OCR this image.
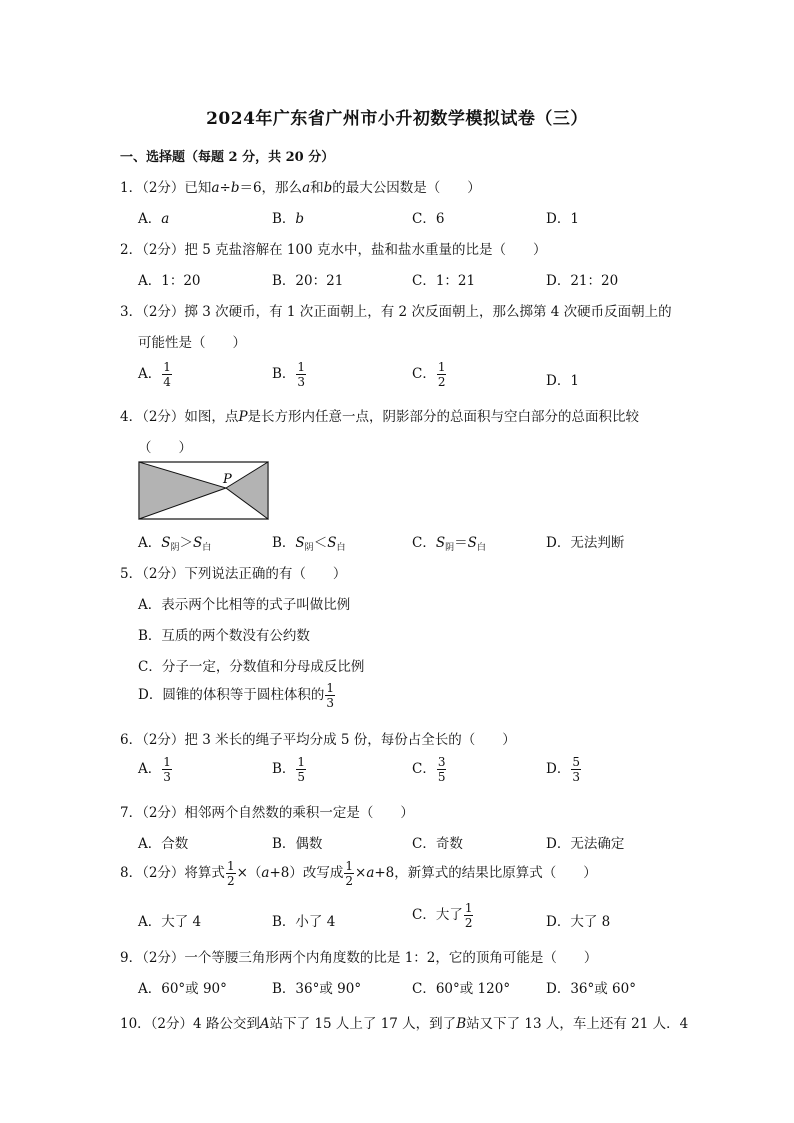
2024年广东省广州市小升初数学模拟试卷（三）
一、选择题（每题 2 分，共 20 分）
1．（2分）已知a÷b＝6，那么a和b的最大公因数是（　　）
A．a	B．b	C．6	D．1
2．（2分）把 5 克盐溶解在 100 克水中，盐和盐水重量的比是（　　）
A．1：20	B．20：21	C．1：21	D．21：20
3．（2分）掷 3 次硬币，有 1 次正面朝上，有 2 次反面朝上，那么掷第 4 次硬币反面朝上的
可能性是（　　）
A． $\frac{1}{4}$	B． $\frac{1}{3}$	C． $\frac{1}{2}$	D．1
4．（2分）如图，点P是长方形内任意一点，阴影部分的总面积与空白部分的总面积比较
（　　）
P
A．$S_阴>S_白$	B．$S_阴<S_白$	C．$S_阴=S_白$	D．无法判断
5．（2分）下列说法正确的有（　　）
A．表示两个比相等的式子叫做比例
B．互质的两个数没有公约数
C．分子一定，分数值和分母成反比例
D．圆锥的体积等于圆柱体积的 $\frac{1}{3}$
6．（2分）把 3 米长的绳子平均分成 5 份，每份占全长的（　　）
A． $\frac{1}{3}$	B． $\frac{1}{5}$	C． $\frac{3}{5}$	D． $\frac{5}{3}$
7．（2分）相邻两个自然数的乘积一定是（　　）
A．合数	B．偶数	C．奇数	D．无法确定
8．（2分）将算式 $\frac{1}{2} \times(a+8)$改写成 $\frac{1}{2} \times a+8$，新算式的结果比原算式（　　）
A．大了 4	B．小了 4	C．大了 $\frac{1}{2}$	D．大了 8
9．（2分）一个等腰三角形两个内角度数的比是 1：2，它的顶角可能是（　　）
A．60°或 90°	B．36°或 90°	C．60°或 120°	D．36°或 60°
10．（2分）4 路公交到A站下了 15 人上了 17 人，到了B站又下了 13 人，车上还有 21 人．4
